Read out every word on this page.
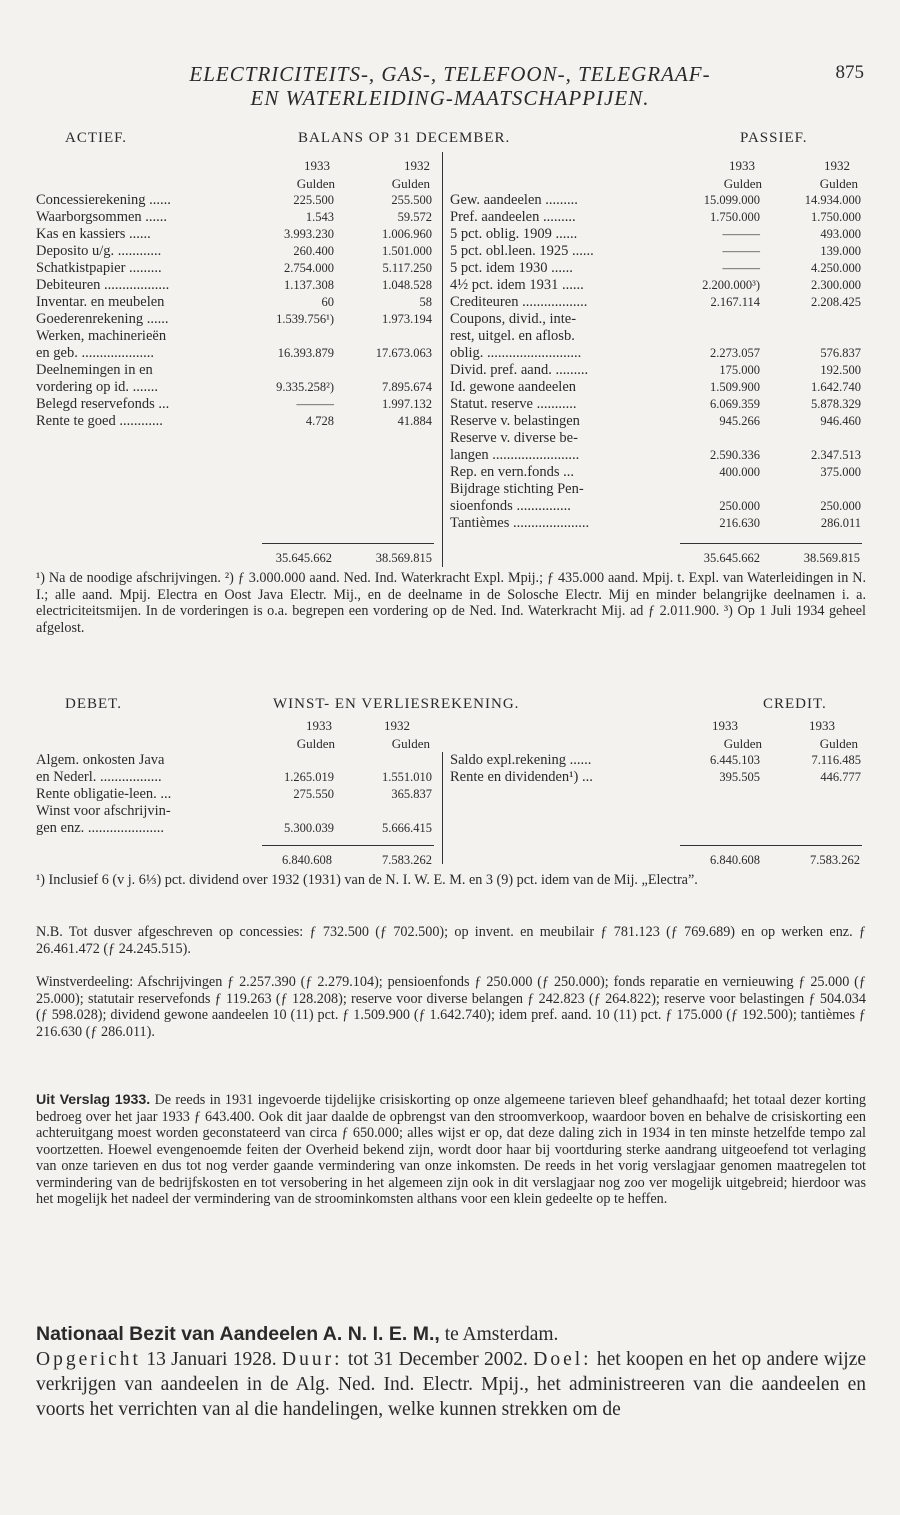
ELECTRICITEITS-, GAS-, TELEFOON-, TELEGRAAF-
EN WATERLEIDING-MAATSCHAPPIJEN.
875
ACTIEF.	BALANS OP 31 DECEMBER.	PASSIEF.
1933	1932
Gulden	Gulden
1933	1932
Gulden	Gulden
Concessierekening ......	225.500	255.500
Waarborgsommen ......	1.543	59.572
Kas en kassiers ......	3.993.230	1.006.960
Deposito u/g. ............	260.400	1.501.000
Schatkistpapier .........	2.754.000	5.117.250
Debiteuren ..................	1.137.308	1.048.528
Inventar. en meubelen	60	58
Goederenrekening ......	1.539.756¹)	1.973.194
Werken, machinerieën
en geb. ....................	16.393.879	17.673.063
Deelnemingen in en
vordering op id. .......	9.335.258²)	7.895.674
Belegd reservefonds ...	———	1.997.132
Rente te goed ............	4.728	41.884
Gew. aandeelen .........	15.099.000	14.934.000
Pref. aandeelen .........	1.750.000	1.750.000
5 pct. oblig. 1909 ......	———	493.000
5 pct. obl.leen. 1925 ......	———	139.000
5 pct. idem 1930 ......	———	4.250.000
4½ pct. idem 1931 ......	2.200.000³)	2.300.000
Crediteuren ..................	2.167.114	2.208.425
Coupons, divid., inte-
rest, uitgel. en aflosb.
oblig. ..........................	2.273.057	576.837
Divid. pref. aand. .........	175.000	192.500
Id. gewone aandeelen	1.509.900	1.642.740
Statut. reserve ...........	6.069.359	5.878.329
Reserve v. belastingen	945.266	946.460
Reserve v. diverse be-
langen ........................	2.590.336	2.347.513
Rep. en vern.fonds ...	400.000	375.000
Bijdrage stichting Pen-
sioenfonds ...............	250.000	250.000
Tantièmes .....................	216.630	286.011
35.645.662	38.569.815	35.645.662	38.569.815

¹) Na de noodige afschrijvingen. ²) ƒ 3.000.000 aand. Ned. Ind. Waterkracht Expl. Mpij.; ƒ 435.000 aand. Mpij. t. Expl. van Waterleidingen in N. I.; alle aand. Mpij. Electra en Oost Java Electr. Mij., en de deelname in de Solosche Electr. Mij en minder belangrijke deelnamen i. a. electriciteitsmijen. In de vorderingen is o.a. begrepen een vordering op de Ned. Ind. Waterkracht Mij. ad ƒ 2.011.900. ³) Op 1 Juli 1934 geheel afgelost.

DEBET.	WINST- EN VERLIESREKENING.	CREDIT.
1933	1932
Gulden	Gulden
1933	1933
Gulden	Gulden
Algem. onkosten Java
en Nederl. .................	1.265.019	1.551.010
Rente obligatie-leen. ...	275.550	365.837
Winst voor afschrijvin-
gen enz. .....................	5.300.039	5.666.415
Saldo expl.rekening ......	6.445.103	7.116.485
Rente en dividenden¹) ...	395.505	446.777
6.840.608	7.583.262	6.840.608	7.583.262

¹) Inclusief 6 (v j. 6⅓) pct. dividend over 1932 (1931) van de N. I. W. E. M. en 3 (9) pct. idem van de Mij. „Electra”.

N.B. Tot dusver afgeschreven op concessies: ƒ 732.500 (ƒ 702.500); op invent. en meubilair ƒ 781.123 (ƒ 769.689) en op werken enz. ƒ 26.461.472 (ƒ 24.245.515).

Winstverdeeling: Afschrijvingen ƒ 2.257.390 (ƒ 2.279.104); pensioenfonds ƒ 250.000 (ƒ 250.000); fonds reparatie en vernieuwing ƒ 25.000 (ƒ 25.000); statutair reservefonds ƒ 119.263 (ƒ 128.208); reserve voor diverse belangen ƒ 242.823 (ƒ 264.822); reserve voor belastingen ƒ 504.034 (ƒ 598.028); dividend gewone aandeelen 10 (11) pct. ƒ 1.509.900 (ƒ 1.642.740); idem pref. aand. 10 (11) pct. ƒ 175.000 (ƒ 192.500); tantièmes ƒ 216.630 (ƒ 286.011).

Uit Verslag 1933. De reeds in 1931 ingevoerde tijdelijke crisiskorting op onze algemeene tarieven bleef gehandhaafd; het totaal dezer korting bedroeg over het jaar 1933 ƒ 643.400. Ook dit jaar daalde de opbrengst van den stroomverkoop, waardoor boven en behalve de crisiskorting een achteruitgang moest worden geconstateerd van circa ƒ 650.000; alles wijst er op, dat deze daling zich in 1934 in ten minste hetzelfde tempo zal voortzetten. Hoewel evengenoemde feiten der Overheid bekend zijn, wordt door haar bij voortduring sterke aandrang uitgeoefend tot verlaging van onze tarieven en dus tot nog verder gaande vermindering van onze inkomsten. De reeds in het vorig verslagjaar genomen maatregelen tot vermindering van de bedrijfskosten en tot versobering in het algemeen zijn ook in dit verslagjaar nog zoo ver mogelijk uitgebreid; hierdoor was het mogelijk het nadeel der vermindering van de stroominkomsten althans voor een klein gedeelte op te heffen.

Nationaal Bezit van Aandeelen A. N. I. E. M., te Amsterdam.
Opgericht 13 Januari 1928. Duur: tot 31 December 2002. Doel: het koopen en het op andere wijze verkrijgen van aandeelen in de Alg. Ned. Ind. Electr. Mpij., het administreeren van die aandeelen en voorts het verrichten van al die handelingen, welke kunnen strekken om de
